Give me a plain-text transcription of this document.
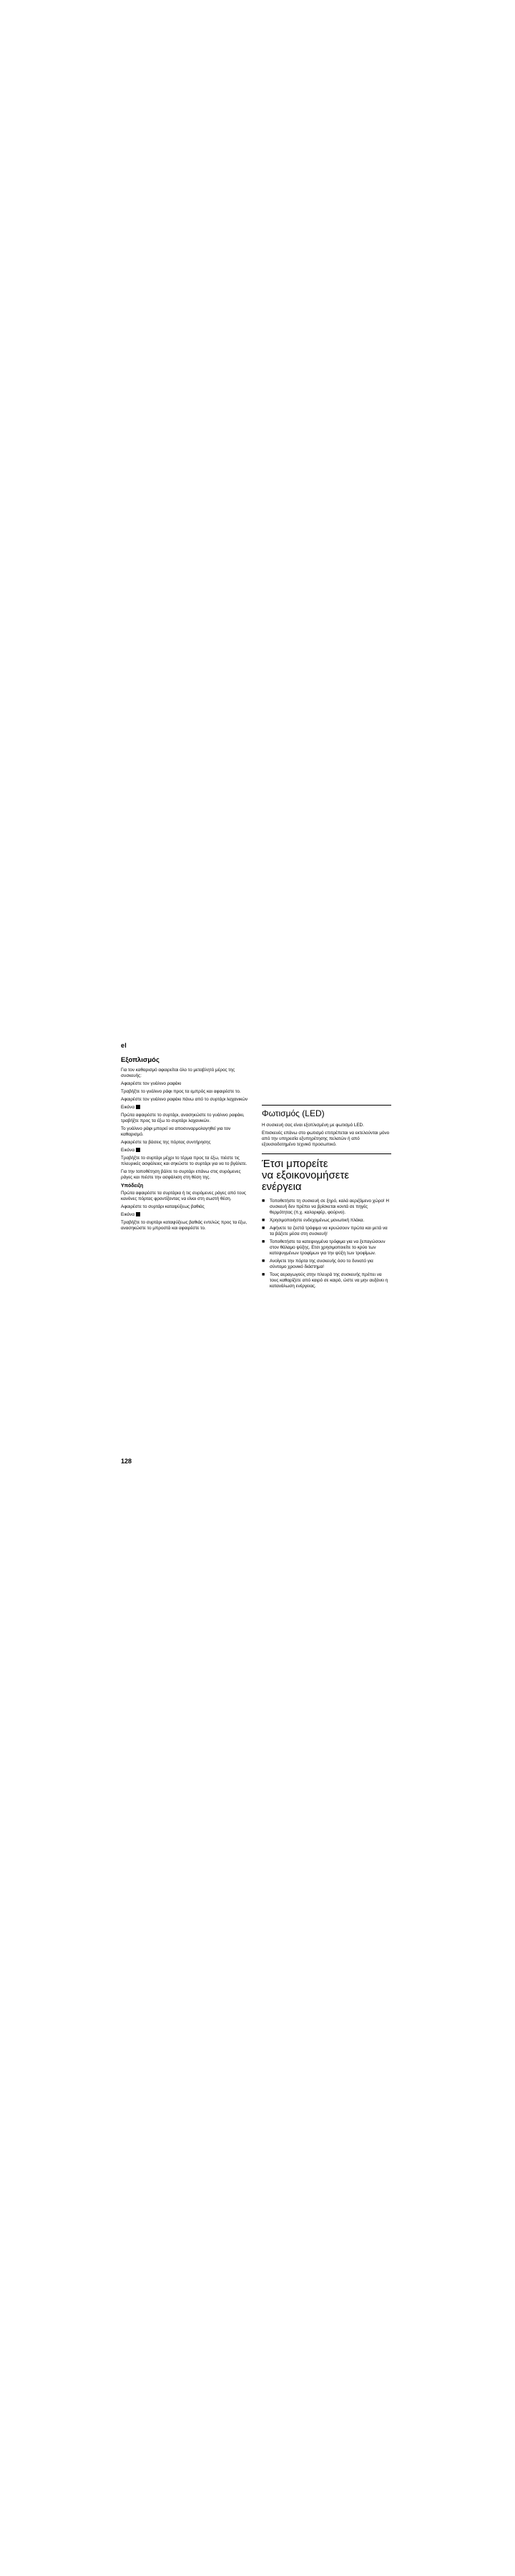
el
Εξοπλισμός

Για τον καθαρισμό αφαιρείται όλο το μεταβλητό μέρος της συσκευής:

Αφαιρέστε τον γυάλινο ραφάκι

Τραβήξτε το γυάλινο ράφι προς τα εμπρός και αφαιρέστε το.

Αφαιρέστε τον γυάλινο ραφάκι πάνω από το συρτάρι λαχανικών

Εικόνα

Πρώτα αφαιρέστε το συρτάρι, ανασηκώστε το γυάλινο ραφάκι, τραβήξτε προς τα έξω το συρτάρι λαχανικών.

Το γυάλινο ράφι μπορεί να αποσυναρμολογηθεί για τον καθαρισμό.

Αφαιρέστε τα βάσεις της πόρτας συντήρησης

Εικόνα

Τραβήξτε το συρτάρι μέχρι το τέρμα προς τα έξω, πιέστε τις πλευρικές ασφάλειες και σηκώστε το συρτάρι για να το βγάλετε.

Για την τοποθέτηση βάλτε το συρτάρι επάνω στις συρόμενες ράγες και πιέστε την ασφάλιση στη θέση της.

Υπόδειξη

Πρώτα αφαιρέστε τα συρτάρια ή τις συρόμενες ράγες από τους κανόνες πόρτας φροντίζοντας να είναι στη σωστή θέση.

Αφαιρέστε το συρτάρι καταψύξεως βαθιάς

Εικόνα

Τραβήξτε το συρτάρι καταψύξεως βαθιάς εντελώς προς τα έξω, ανασηκώστε το μπροστά και αφαιρέστε το.

Φωτισμός (LED)

Η συσκευή σας είναι εξοπλισμένη με φωτισμό LED.

Επισκευές επάνω στο φωτισμό επιτρέπεται να εκτελούνται μόνο από την υπηρεσία εξυπηρέτησης πελατών ή από εξουσιοδοτημένο τεχνικό προσωπικό.

Έτσι μπορείτε
να εξοικονομήσετε
ενέργεια
■ Τοποθετήστε τη συσκευή σε ξηρό, καλά αεριζόμενο χώρο! Η συσκευή δεν πρέπει να βρίσκεται κοντά σε πηγές θερμότητας (π.χ. καλοριφέρ, φούρνο).
■ Χρησιμοποιήστε ενδεχομένως μονωτική πλάκα.
■ Αφήνετε τα ζεστά τρόφιμα να κρυώσουν πρώτα και μετά να τα βάζετε μέσα στη συσκευή!
■ Τοποθετήστε τα κατεψυγμένα τρόφιμα για να ξεπαγώσουν στον θάλαμο ψύξης. Ετσι χρησιμοποιείτε το κρύο των κατεψυγμένων τροφίμων για την ψύξη των τροφίμων.
■ Ανοίγετε την πόρτα της συσκευής όσο το δυνατό για σύντομο χρονικό διάστημα!
■ Τους αεραγωγούς στην πλευρά της συσκευής πρέπει να τους καθαρίζετε από καιρό σε καιρό, ώστε να μην αυξάνει η κατανάλωση ενέργειας.
128
